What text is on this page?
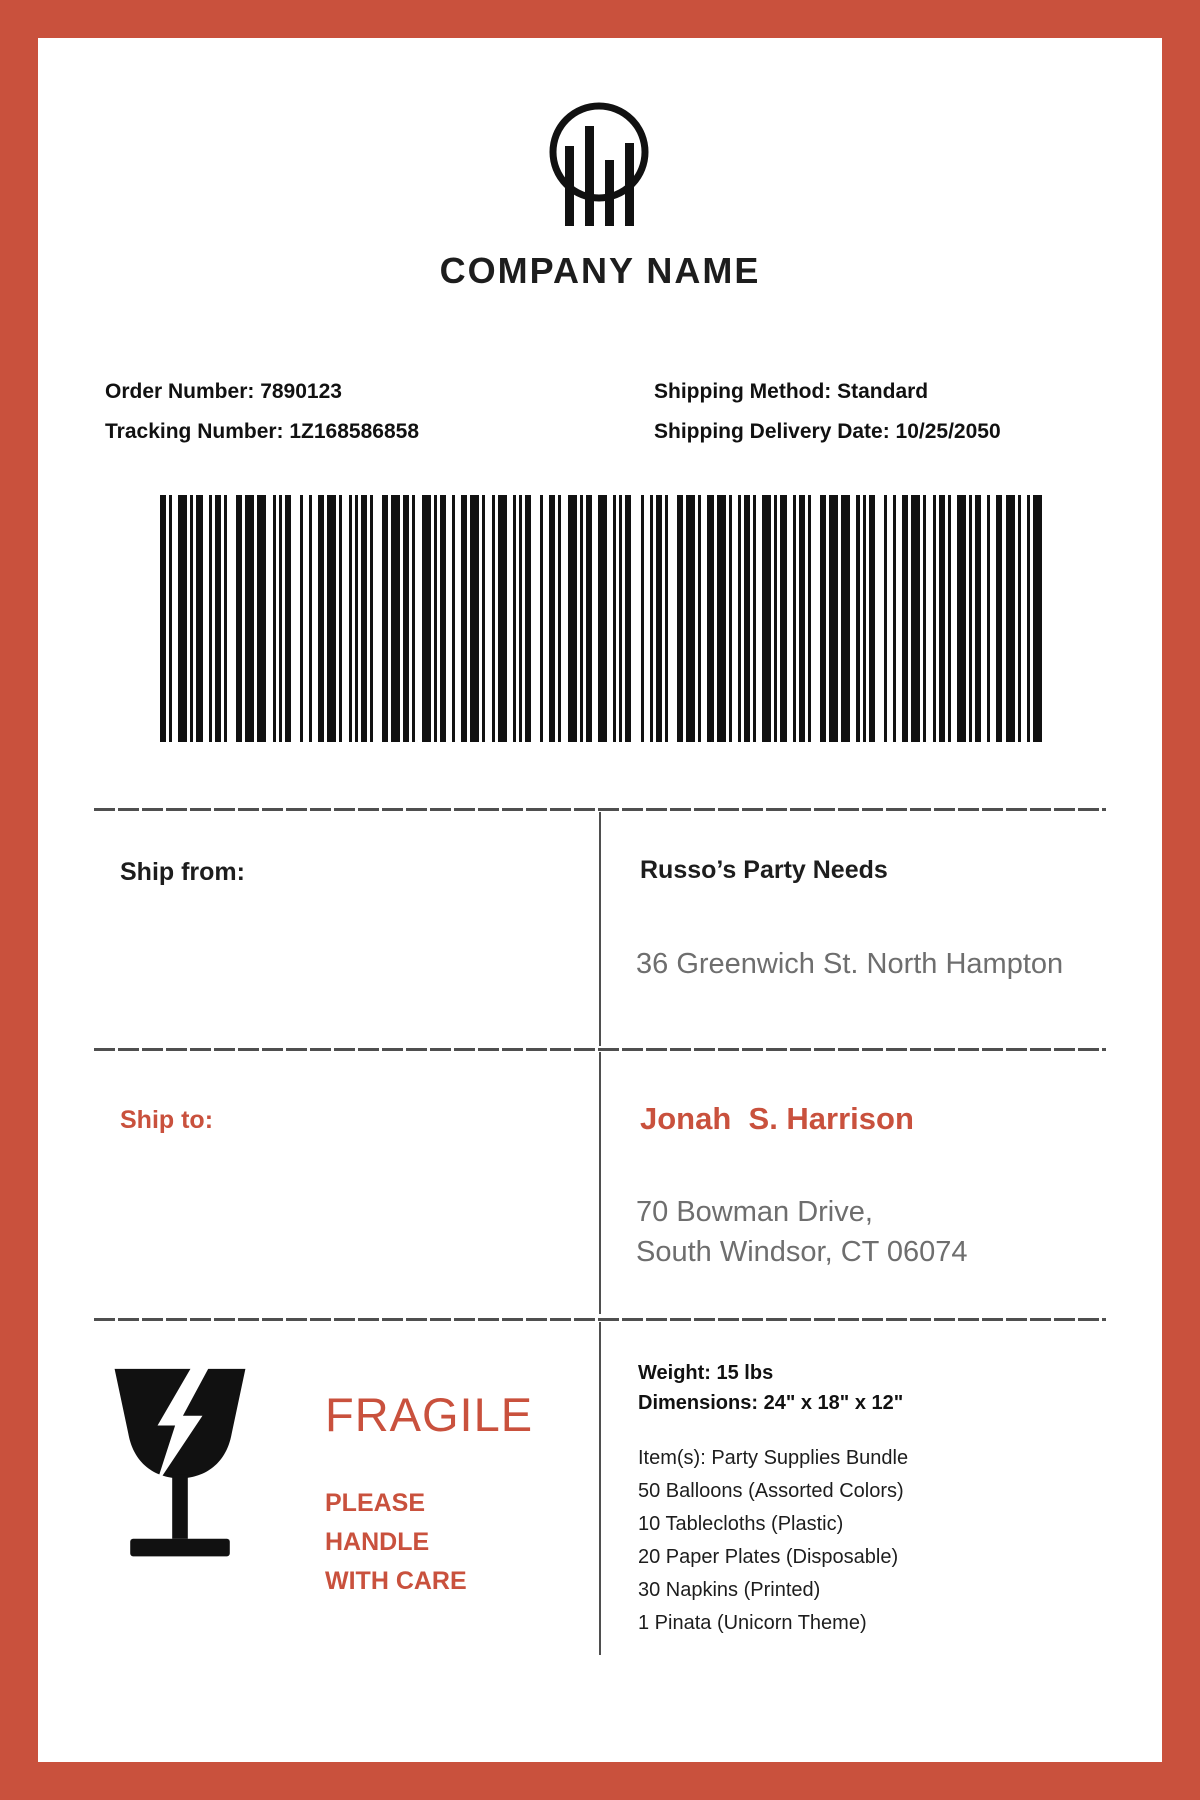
COMPANY NAME
Order Number: 7890123
Tracking Number: 1Z168586858
Shipping Method: Standard
Shipping Delivery Date: 10/25/2050
Ship from:	Russo’s Party Needs
36 Greenwich St. North Hampton
Ship to:	Jonah  S. Harrison
70 Bowman Drive,
South Windsor, CT 06074
FRAGILE
PLEASE
HANDLE
WITH CARE
Weight: 15 lbs
Dimensions: 24" x 18" x 12"
Item(s): Party Supplies Bundle
50 Balloons (Assorted Colors)
10 Tablecloths (Plastic)
20 Paper Plates (Disposable)
30 Napkins (Printed)
1 Pinata (Unicorn Theme)
